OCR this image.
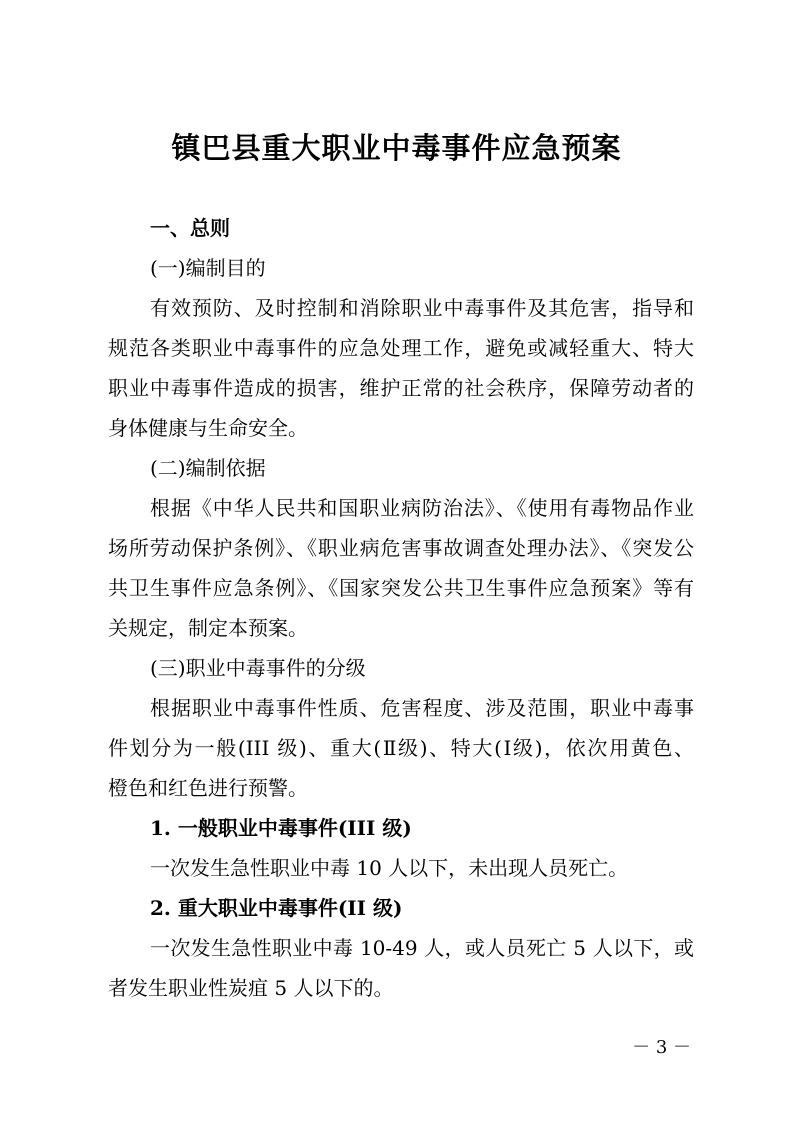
镇巴县重大职业中毒事件应急预案
一、总则
(一)编制目的
有效预防、及时控制和消除职业中毒事件及其危害，指导和
规范各类职业中毒事件的应急处理工作，避免或减轻重大、特大
职业中毒事件造成的损害，维护正常的社会秩序，保障劳动者的
身体健康与生命安全。
(二)编制依据
根据《中华人民共和国职业病防治法》、《使用有毒物品作业
场所劳动保护条例》、《职业病危害事故调查处理办法》、《突发公
共卫生事件应急条例》、《国家突发公共卫生事件应急预案》等有
关规定，制定本预案。
(三)职业中毒事件的分级
根据职业中毒事件性质、危害程度、涉及范围，职业中毒事
件划分为一般(III 级)、重大(Ⅱ级)、特大(Ⅰ级)，依次用黄色、
橙色和红色进行预警。
1. 一般职业中毒事件(III 级)
一次发生急性职业中毒 10 人以下，未出现人员死亡。
2. 重大职业中毒事件(II 级)
一次发生急性职业中毒 10-49 人，或人员死亡 5 人以下，或
者发生职业性炭疽 5 人以下的。
－ 3 －
